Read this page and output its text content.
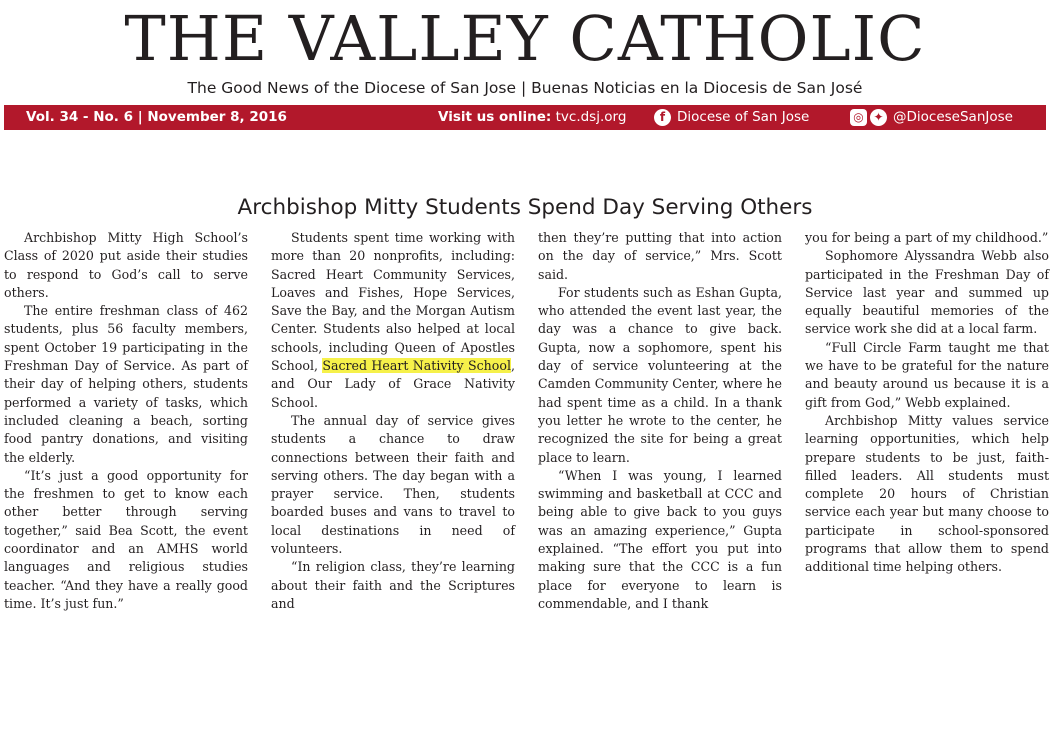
THE VALLEY CATHOLIC
The Good News of the Diocese of San Jose | Buenas Noticias en la Diocesis de San José
Vol. 34 - No. 6 | November 8, 2016	Visit us online: tvc.dsj.org	f Diocese of San Jose	◎ ✦ @DioceseSanJose
Archbishop Mitty Students Spend Day Serving Others

Archbishop Mitty High School’s Class of 2020 put aside their studies to respond to God’s call to serve others.

The entire freshman class of 462 students, plus 56 faculty members, spent October 19 participating in the Freshman Day of Service. As part of their day of helping others, students performed a variety of tasks, which included cleaning a beach, sorting food pantry donations, and visiting the elderly.

“It’s just a good opportunity for the freshmen to get to know each other better through serving together,” said Bea Scott, the event coordinator and an AMHS world languages and religious studies teacher. “And they have a really good time. It’s just fun.”

Students spent time working with more than 20 nonprofits, including: Sacred Heart Community Services, Loaves and Fishes, Hope Services, Save the Bay, and the Morgan Autism Center. Students also helped at local schools, including Queen of Apostles School, Sacred Heart Nativity School, and Our Lady of Grace Nativity School.

The annual day of service gives students a chance to draw connections between their faith and serving others. The day began with a prayer service. Then, students boarded buses and vans to travel to local destinations in need of volunteers.

“In religion class, they’re learning about their faith and the Scriptures and

then they’re putting that into action on the day of service,” Mrs. Scott said.

For students such as Eshan Gupta, who attended the event last year, the day was a chance to give back. Gupta, now a sophomore, spent his day of service volunteering at the Camden Community Center, where he had spent time as a child. In a thank you letter he wrote to the center, he recognized the site for being a great place to learn.

“When I was young, I learned swimming and basketball at CCC and being able to give back to you guys was an amazing experience,” Gupta explained. “The effort you put into making sure that the CCC is a fun place for everyone to learn is commendable, and I thank

you for being a part of my childhood.”

Sophomore Alyssandra Webb also participated in the Freshman Day of Service last year and summed up equally beautiful memories of the service work she did at a local farm.

“Full Circle Farm taught me that we have to be grateful for the nature and beauty around us because it is a gift from God,” Webb explained.

Archbishop Mitty values service learning opportunities, which help prepare students to be just, faith-filled leaders. All students must complete 20 hours of Christian service each year but many choose to participate in school-sponsored programs that allow them to spend additional time helping others.
